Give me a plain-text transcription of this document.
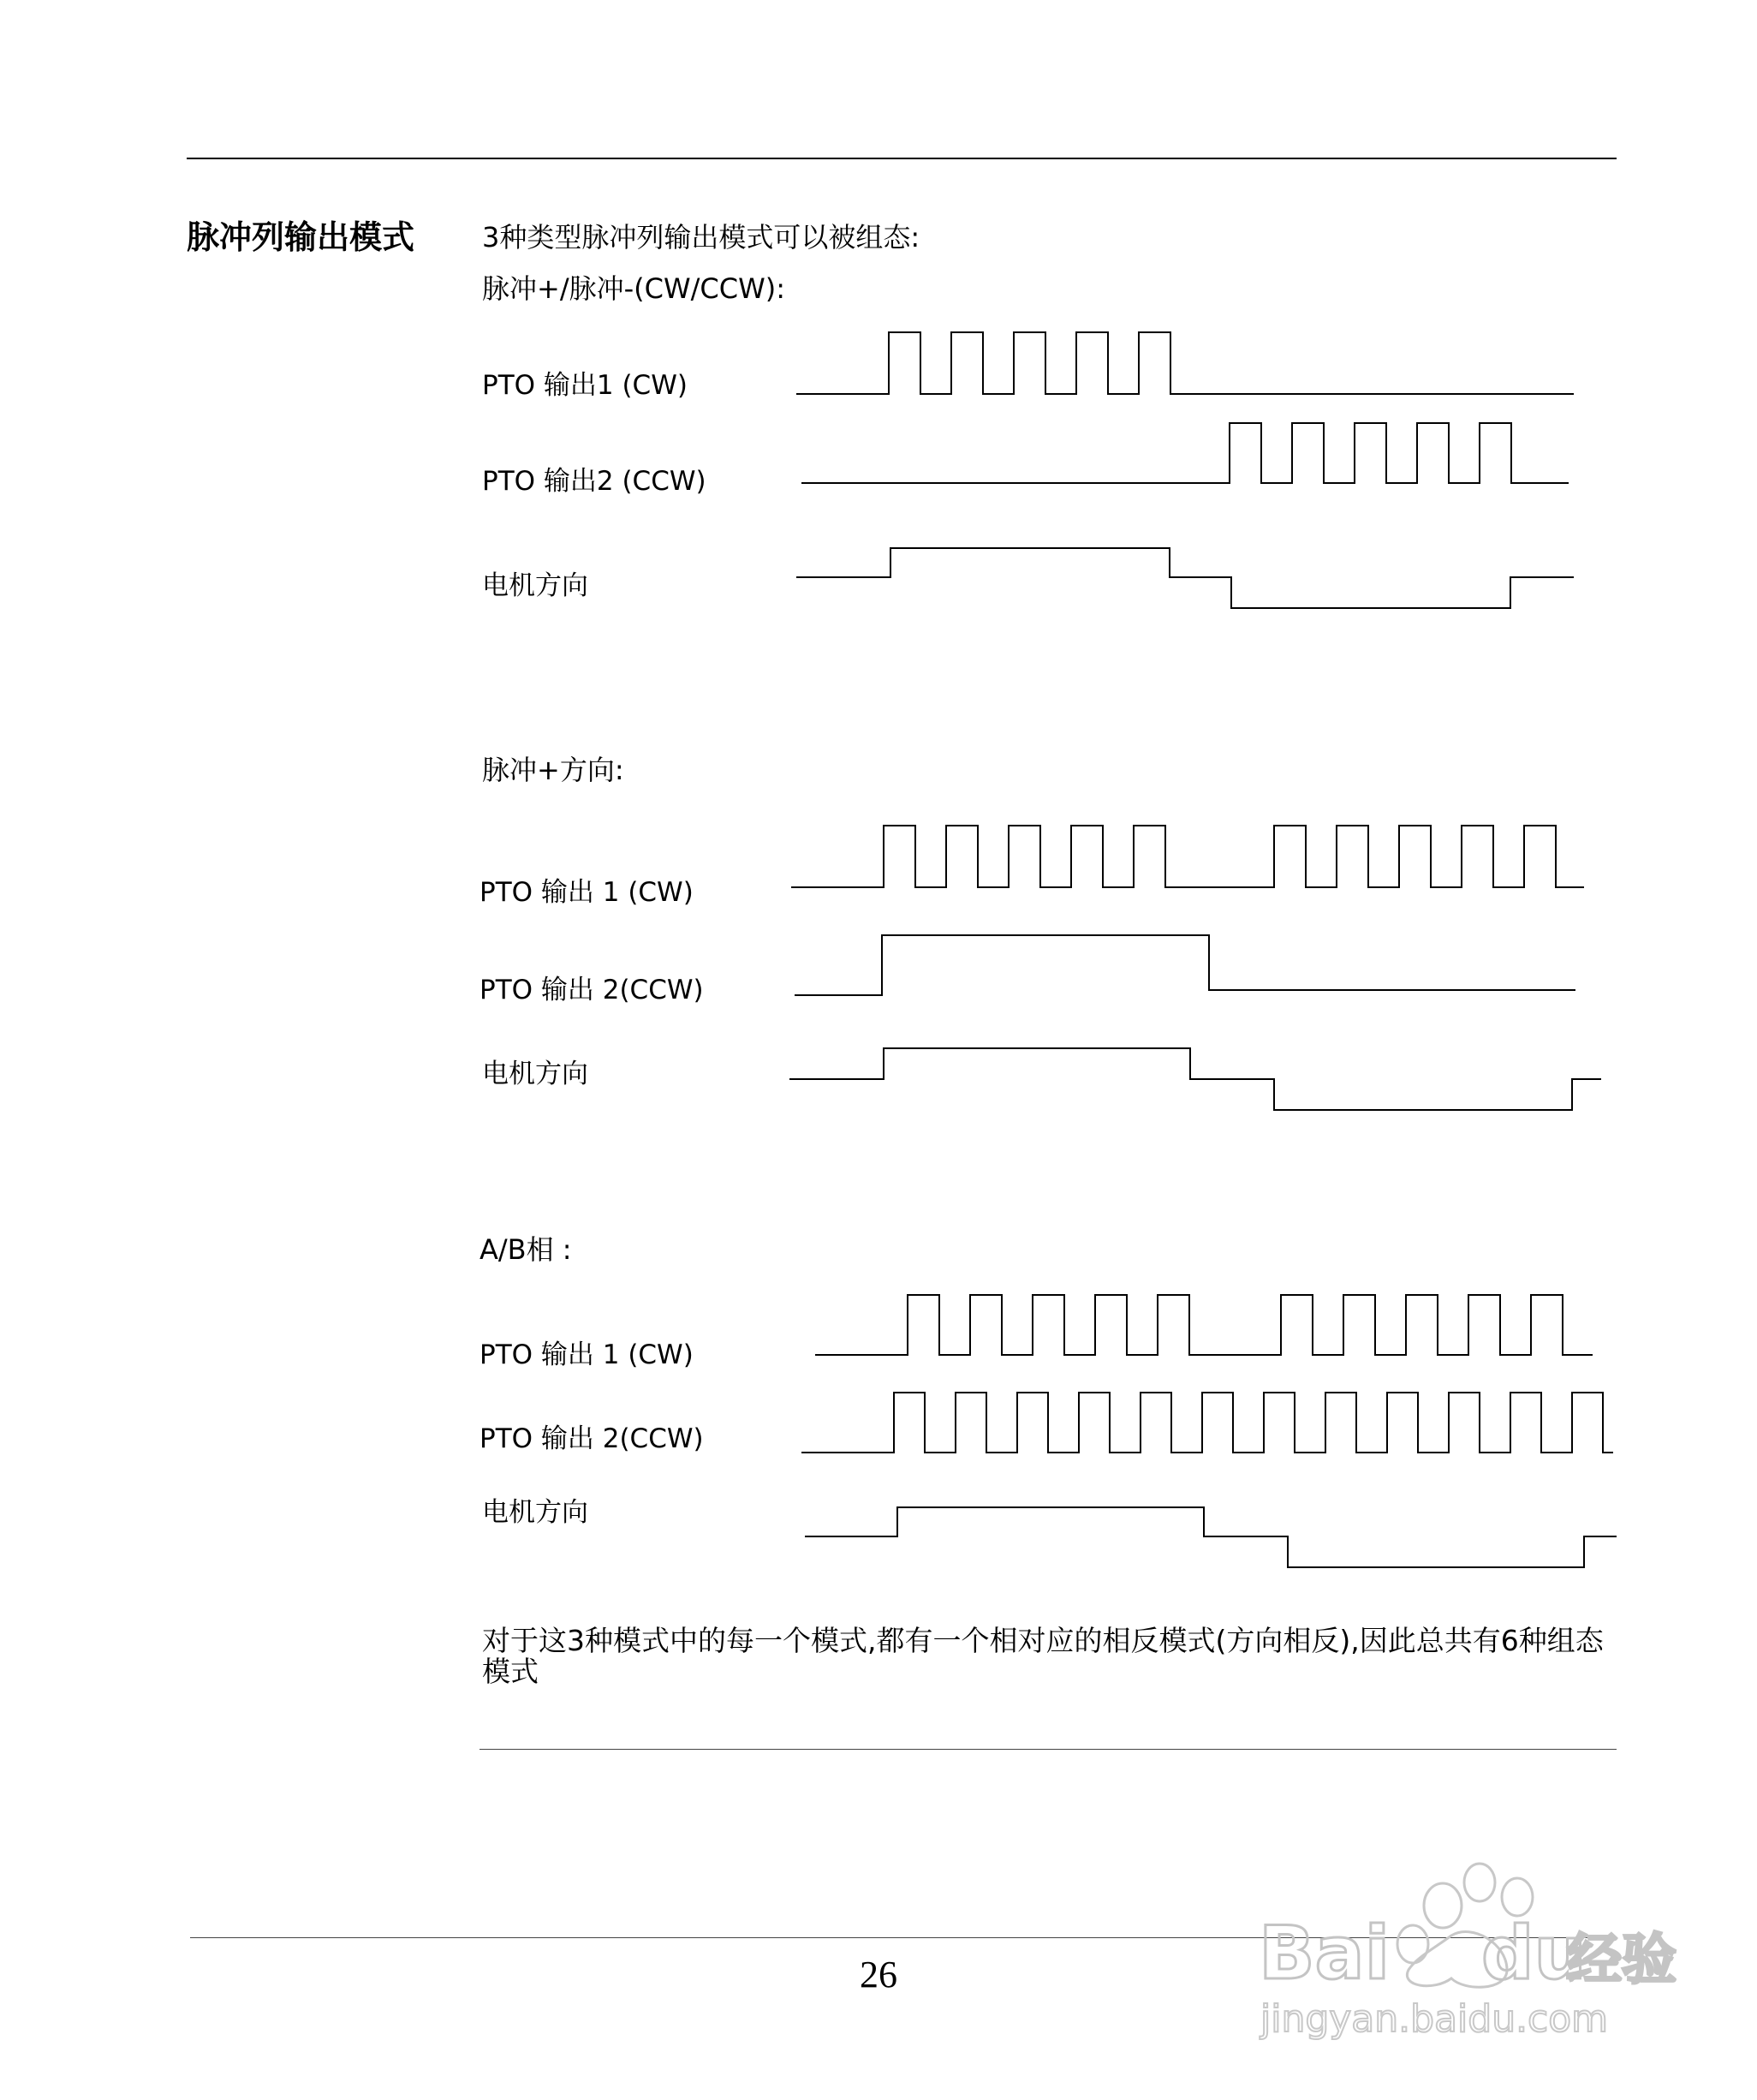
脉冲列输出模式 3种类型脉冲列输出模式可以被组态:
脉冲+/脉冲-(CW/CCW):
PTO 输出1 (CW)
PTO 输出2 (CCW)
电机方向
脉冲+方向:
PTO 输出 1 (CW)
PTO 输出 2(CCW)
电机方向
A/B相 :
PTO 输出 1 (CW)
PTO 输出 2(CCW)
电机方向
对于这3种模式中的每一个模式,都有一个相对应的相反模式(方向相反),因此总共有6种组态模式
26	Bai du
经验
jingyan.baidu.com
